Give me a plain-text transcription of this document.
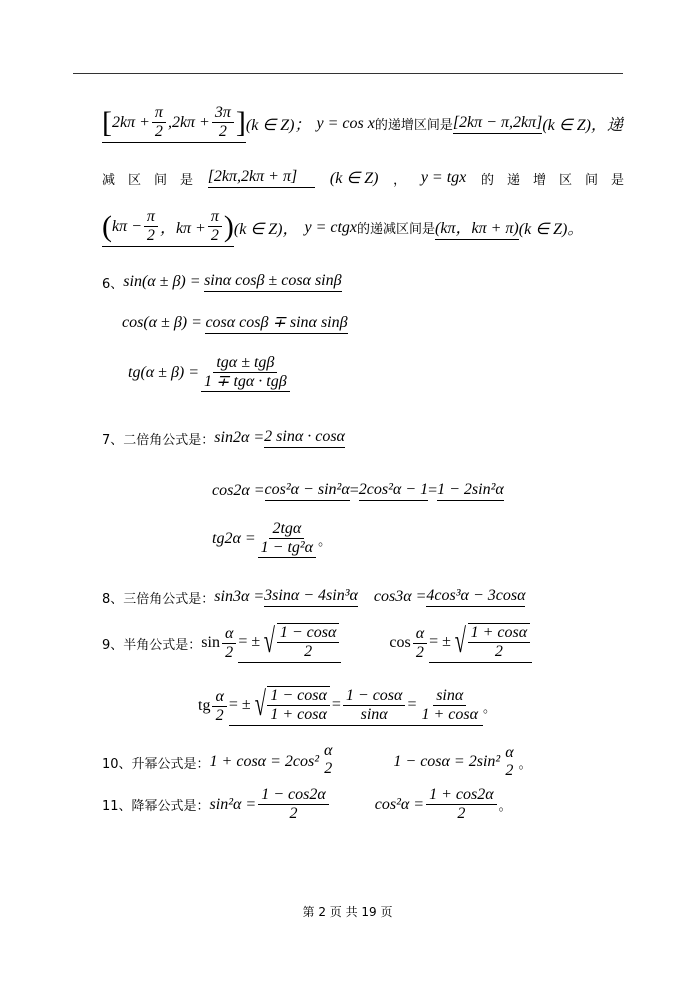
[ $2k\pi + \frac{\pi}{2} ,2k\pi + \frac{3\pi}{2}$ ] (k ∈ Z)； y = cos x 的递增区间是 [2kπ − π,2kπ] (k ∈ Z)，递
减　区　间　是 [2kπ,2kπ + π]	(k ∈ Z) ， y = tgx 的　递　增　区　间　是
( $k\pi - \frac{\pi}{2}$ ，$k\pi + \frac{\pi}{2}$ ) (k ∈ Z)， y = ctgx 的递减区间是 (kπ，kπ + π) (k ∈ Z)。
6、 sin(α ± β) =
sinα cosβ ± cosα sinβ
cos(α ± β) =
cosα cosβ ∓ sinα sinβ
$tg(\alpha \pm \beta) = \frac{\text{tgα ± tgβ}}{\text{1 ∓ tgα · tgβ}}$
7、二倍角公式是： sin2α = 2 sinα · cosα
cos2α = cos²α − sin²α = 2cos²α − 1 = 1 − 2sin²α
$tg2\alpha = \frac{\text{2tgα}}{\text{1 − tg²α}}$ 。
8、三倍角公式是： sin3α = 3sinα − 4sin³α cos3α = 4cos³α − 3cosα
9、半角公式是： $\sin \frac{\alpha}{2}$ = ± √ $\frac{1 - \cos\alpha}{2}$	$\cos \frac{\alpha}{2}$ = ± √ $\frac{1 + \cos\alpha}{2}$
tg $\frac{\alpha}{2}$ = ± √ $\frac{1 - \cos\alpha}{1 + \cos\alpha} = \frac{1 - \cos\alpha}{\sin\alpha} = \frac{\sin\alpha}{1 + \cos\alpha}$ 。
10、升幂公式是： 1 + cosα = 2cos²
α
2	1 − cosα = 2sin²
α
2 。
11、降幂公式是： $\sin^2\alpha = \frac{1 - \cos 2\alpha}{2}$	$\cos^2\alpha = \frac{1 + \cos 2\alpha}{2}$ 。
第 2 页 共 19 页
